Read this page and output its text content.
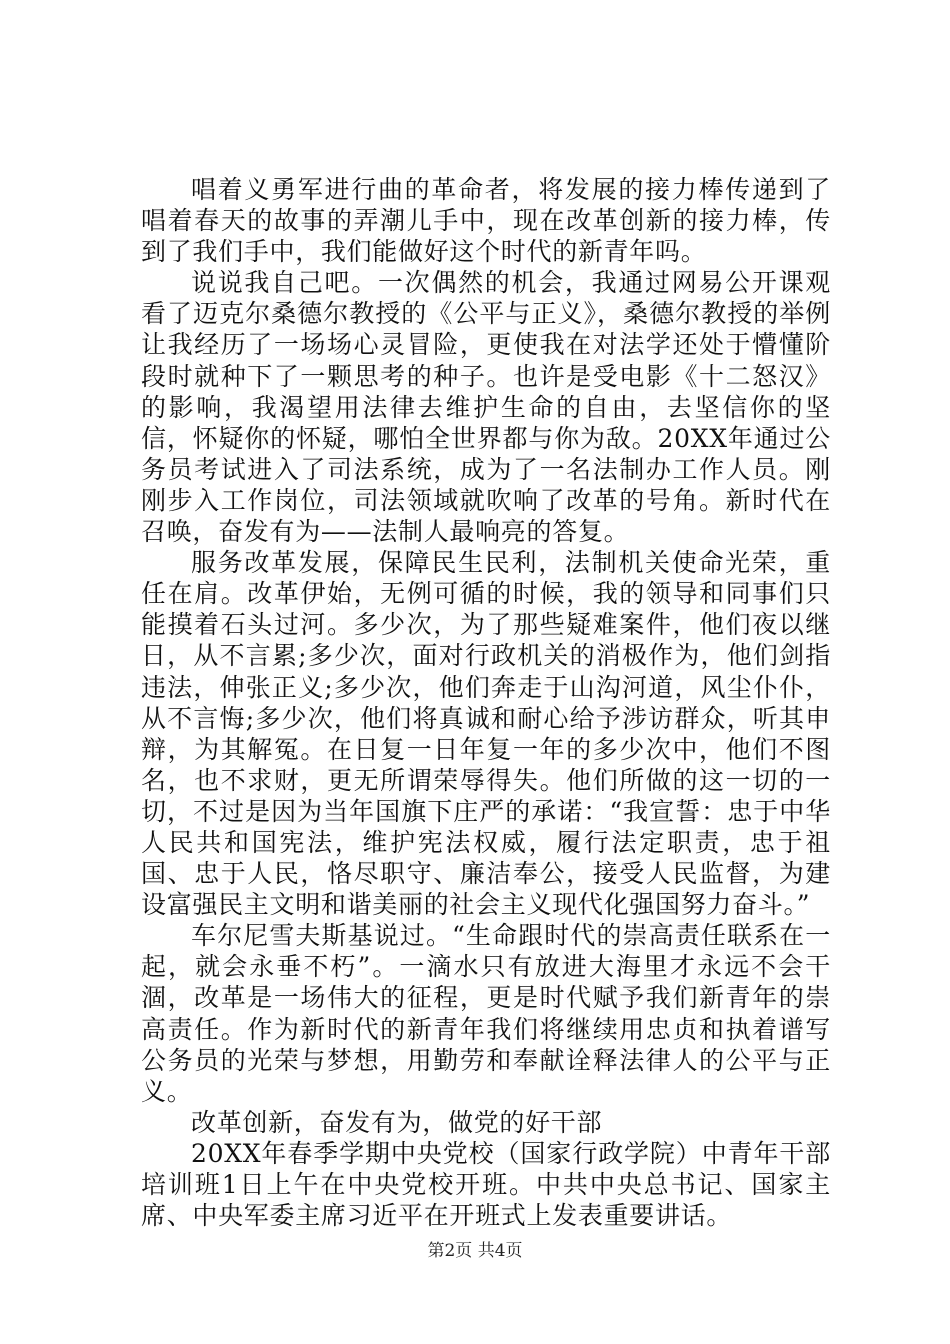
唱着义勇军进行曲的革命者，将发展的接力棒传递到了唱着春天的故事的弄潮儿手中，现在改革创新的接力棒，传到了我们手中，我们能做好这个时代的新青年吗。

说说我自己吧。一次偶然的机会，我通过网易公开课观看了迈克尔桑德尔教授的《公平与正义》，桑德尔教授的举例让我经历了一场场心灵冒险，更使我在对法学还处于懵懂阶段时就种下了一颗思考的种子。也许是受电影《十二怒汉》的影响，我渴望用法律去维护生命的自由，去坚信你的坚信，怀疑你的怀疑，哪怕全世界都与你为敌。20XX年通过公务员考试进入了司法系统，成为了一名法制办工作人员。刚刚步入工作岗位，司法领域就吹响了改革的号角。新时代在召唤，奋发有为——法制人最响亮的答复。

服务改革发展，保障民生民利，法制机关使命光荣，重任在肩。改革伊始，无例可循的时候，我的领导和同事们只能摸着石头过河。多少次，为了那些疑难案件，他们夜以继日，从不言累;多少次，面对行政机关的消极作为，他们剑指违法，伸张正义;多少次，他们奔走于山沟河道，风尘仆仆，从不言悔;多少次，他们将真诚和耐心给予涉访群众，听其申辩，为其解冤。在日复一日年复一年的多少次中，他们不图名，也不求财，更无所谓荣辱得失。他们所做的这一切的一切，不过是因为当年国旗下庄严的承诺：“我宣誓：忠于中华人民共和国宪法，维护宪法权威，履行法定职责，忠于祖国、忠于人民，恪尽职守、廉洁奉公，接受人民监督，为建设富强民主文明和谐美丽的社会主义现代化强国努力奋斗。”

车尔尼雪夫斯基说过。“生命跟时代的崇高责任联系在一起，就会永垂不朽”。一滴水只有放进大海里才永远不会干涸，改革是一场伟大的征程，更是时代赋予我们新青年的崇高责任。作为新时代的新青年我们将继续用忠贞和执着谱写公务员的光荣与梦想，用勤劳和奉献诠释法律人的公平与正义。

改革创新，奋发有为，做党的好干部

20XX年春季学期中央党校（国家行政学院）中青年干部培训班1日上午在中央党校开班。中共中央总书记、国家主席、中央军委主席习近平在开班式上发表重要讲话。

第2页 共4页
